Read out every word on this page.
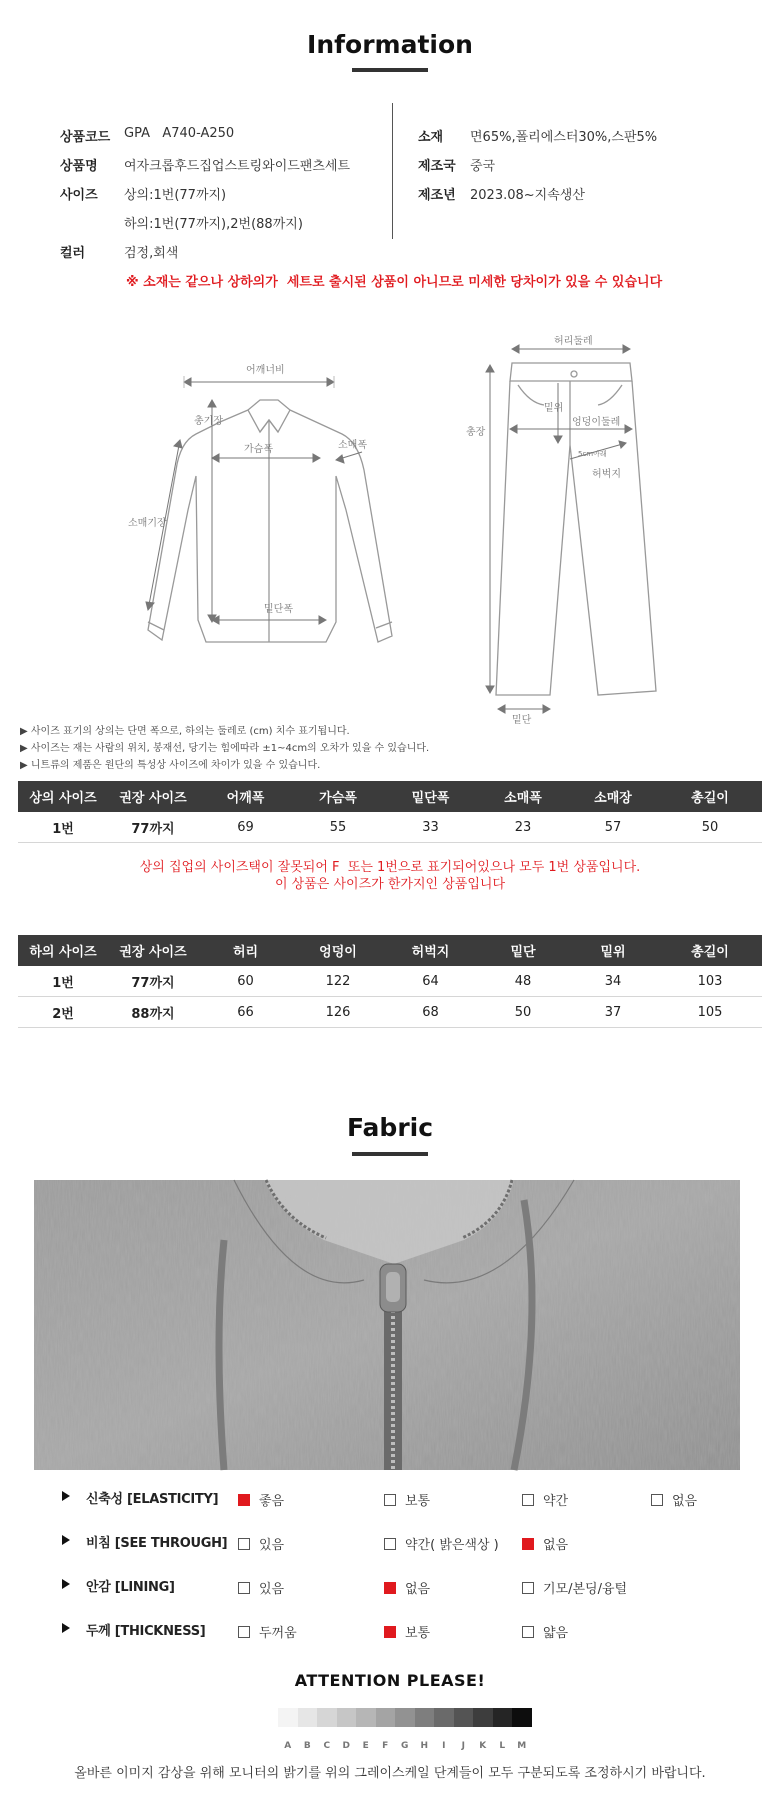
Information
상품코드 GPA   A740-A250
상품명 여자크롭후드집업스트링와이드팬츠세트
사이즈 상의:1번(77까지)
하의:1번(77까지),2번(88까지)
컬러	검정,회색
소재 면65%,폴리에스터30%,스판5%
제조국 중국
제조년 2023.08~지속생산
※ 소재는 같으나 상하의가  세트로 출시된 상품이 아니므로 미세한 당차이가 있을 수 있습니다
어깨너비
총기장
가슴폭	소매폭
소매기장
밑단폭
허리둘레
총장
밑위
엉덩이둘레
5cm아래
허벅지
밑단
▶ 사이즈 표기의 상의는 단면 폭으로, 하의는 둘레로 (cm) 치수 표기됩니다.
▶ 사이즈는 재는 사람의 위치, 봉재선, 당기는 힘에따라 ±1~4cm의 오차가 있을 수 있습니다.
▶ 니트류의 제품은 원단의 특성상 사이즈에 차이가 있을 수 있습니다.
상의 사이즈	권장 사이즈	어깨폭	가슴폭	밑단폭	소매폭	소매장	총길이
1번	77까지	69	55	33	23	57	50
상의 집업의 사이즈택이 잘못되어 F  또는 1번으로 표기되어있으나 모두 1번 상품입니다.
이 상품은 사이즈가 한가지인 상품입니다
하의 사이즈	권장 사이즈	허리	엉덩이	허벅지	밑단	밑위	총길이
1번	77까지	60	122	64	48	34	103
2번	88까지	66	126	68	50	37	105
Fabric
신축성 [ELASTICITY]	좋음	보통	약간	없음
비침 [SEE THROUGH]	있음	약간( 밝은색상 )	없음
안감 [LINING]	있음	없음	기모/본딩/융털
두께 [THICKNESS]	두꺼움	보통	얇음
ATTENTION PLEASE!
A B C D E F G H I J K L M
올바른 이미지 감상을 위해 모니터의 밝기를 위의 그레이스케일 단계들이 모두 구분되도록 조정하시기 바랍니다.
